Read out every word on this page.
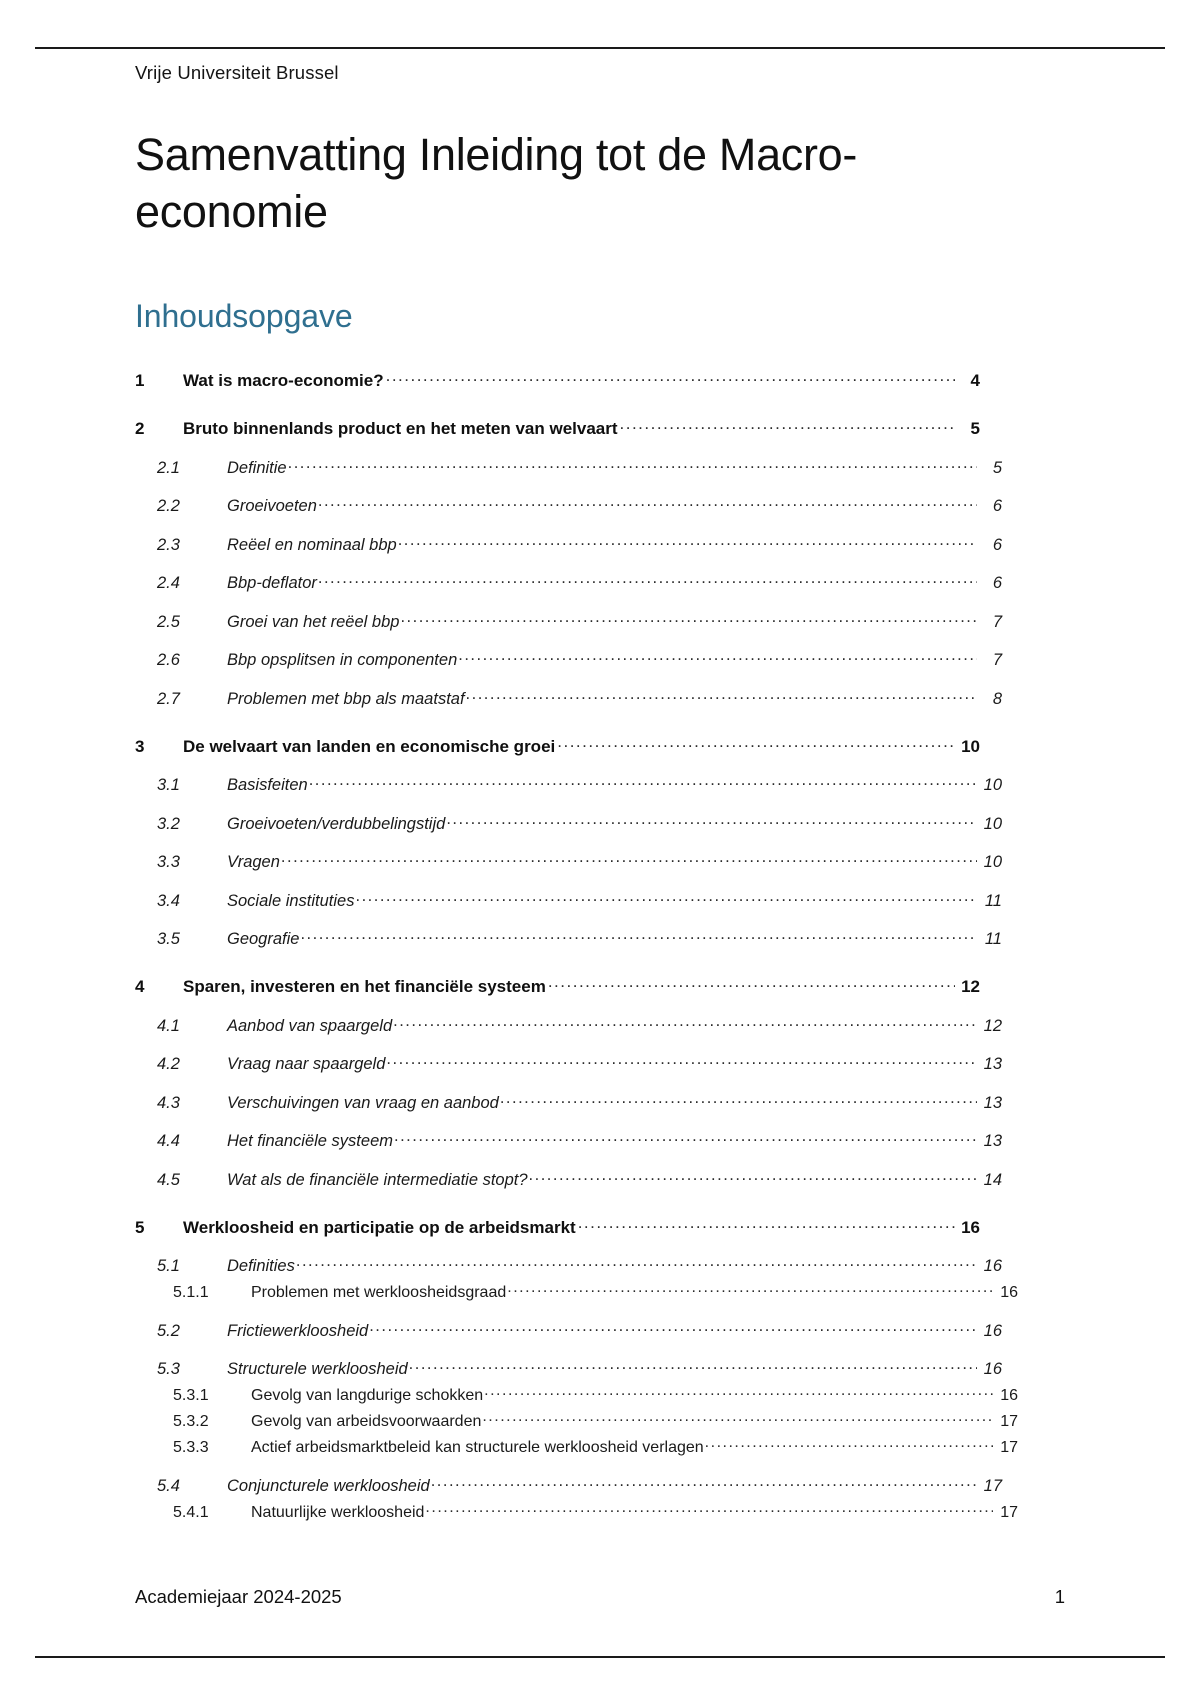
Vrije Universiteit Brussel
Samenvatting Inleiding tot de Macro-economie
Inhoudsopgave
1	Wat is macro-economie? .....	4
2	Bruto binnenlands product en het meten van welvaart .....	5
2.1	Definitie .....	5
2.2	Groeivoeten .....	6
2.3	Reëel en nominaal bbp .....	6
2.4	Bbp-deflator .....	6
2.5	Groei van het reëel bbp .....	7
2.6	Bbp opsplitsen in componenten .....	7
2.7	Problemen met bbp als maatstaf .....	8
3	De welvaart van landen en economische groei .....	10
3.1	Basisfeiten .....	10
3.2	Groeivoeten/verdubbelingstijd .....	10
3.3	Vragen .....	10
3.4	Sociale instituties .....	11
3.5	Geografie .....	11
4	Sparen, investeren en het financiële systeem .....	12
4.1	Aanbod van spaargeld .....	12
4.2	Vraag naar spaargeld .....	13
4.3	Verschuivingen van vraag en aanbod .....	13
4.4	Het financiële systeem .....	13
4.5	Wat als de financiële intermediatie stopt? .....	14
5	Werkloosheid en participatie op de arbeidsmarkt .....	16
5.1	Definities .....	16
5.1.1	Problemen met werkloosheidsgraad .....	16
5.2	Frictiewerkloosheid .....	16
5.3	Structurele werkloosheid .....	16
5.3.1	Gevolg van langdurige schokken .....	16
5.3.2	Gevolg van arbeidsvoorwaarden .....	17
5.3.3	Actief arbeidsmarktbeleid kan structurele werkloosheid verlagen .....	17
5.4	Conjuncturele werkloosheid .....	17
5.4.1	Natuurlijke werkloosheid .....	17
Academiejaar 2024-2025	1
